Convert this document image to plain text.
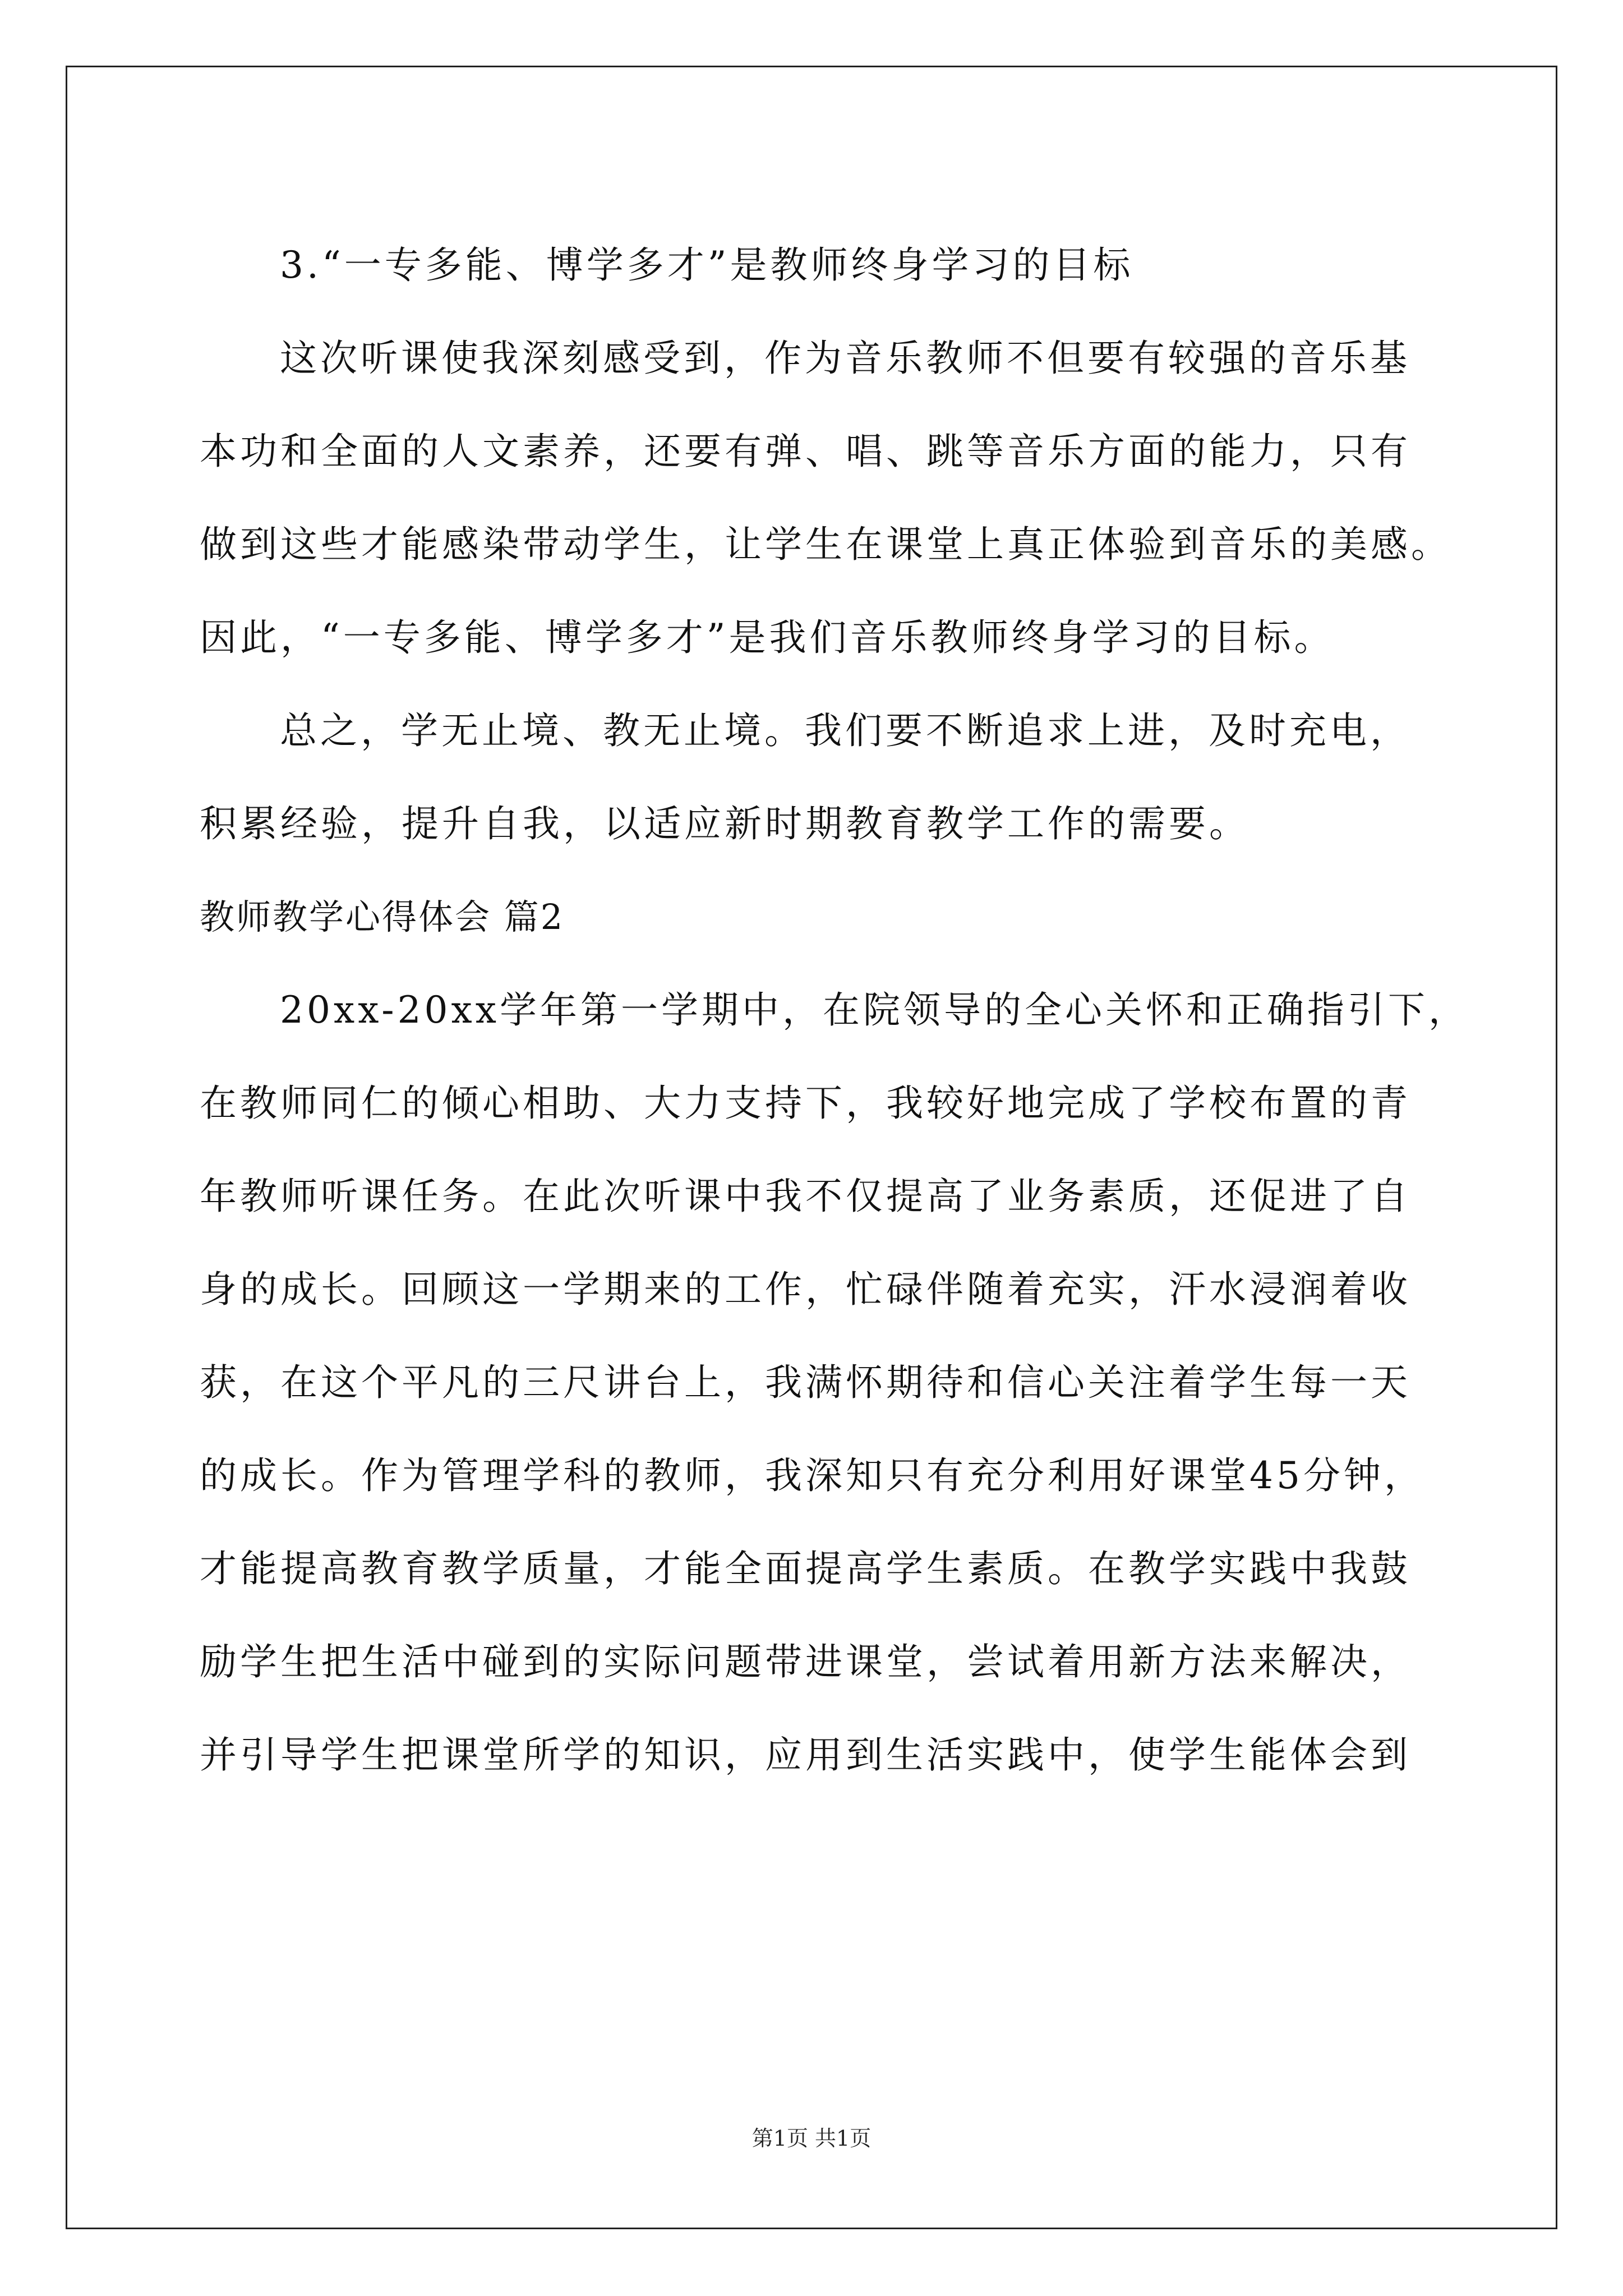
3.“一专多能、博学多才”是教师终身学习的目标
这次听课使我深刻感受到，作为音乐教师不但要有较强的音乐基
本功和全面的人文素养，还要有弹、唱、跳等音乐方面的能力，只有
做到这些才能感染带动学生，让学生在课堂上真正体验到音乐的美感。
因此，“一专多能、博学多才”是我们音乐教师终身学习的目标。
总之，学无止境、教无止境。我们要不断追求上进，及时充电，
积累经验，提升自我，以适应新时期教育教学工作的需要。
教师教学心得体会 篇2
20xx-20xx学年第一学期中，在院领导的全心关怀和正确指引下，
在教师同仁的倾心相助、大力支持下，我较好地完成了学校布置的青
年教师听课任务。在此次听课中我不仅提高了业务素质，还促进了自
身的成长。回顾这一学期来的工作，忙碌伴随着充实，汗水浸润着收
获，在这个平凡的三尺讲台上，我满怀期待和信心关注着学生每一天
的成长。作为管理学科的教师，我深知只有充分利用好课堂45分钟，
才能提高教育教学质量，才能全面提高学生素质。在教学实践中我鼓
励学生把生活中碰到的实际问题带进课堂，尝试着用新方法来解决，
并引导学生把课堂所学的知识，应用到生活实践中，使学生能体会到
第1页 共1页
